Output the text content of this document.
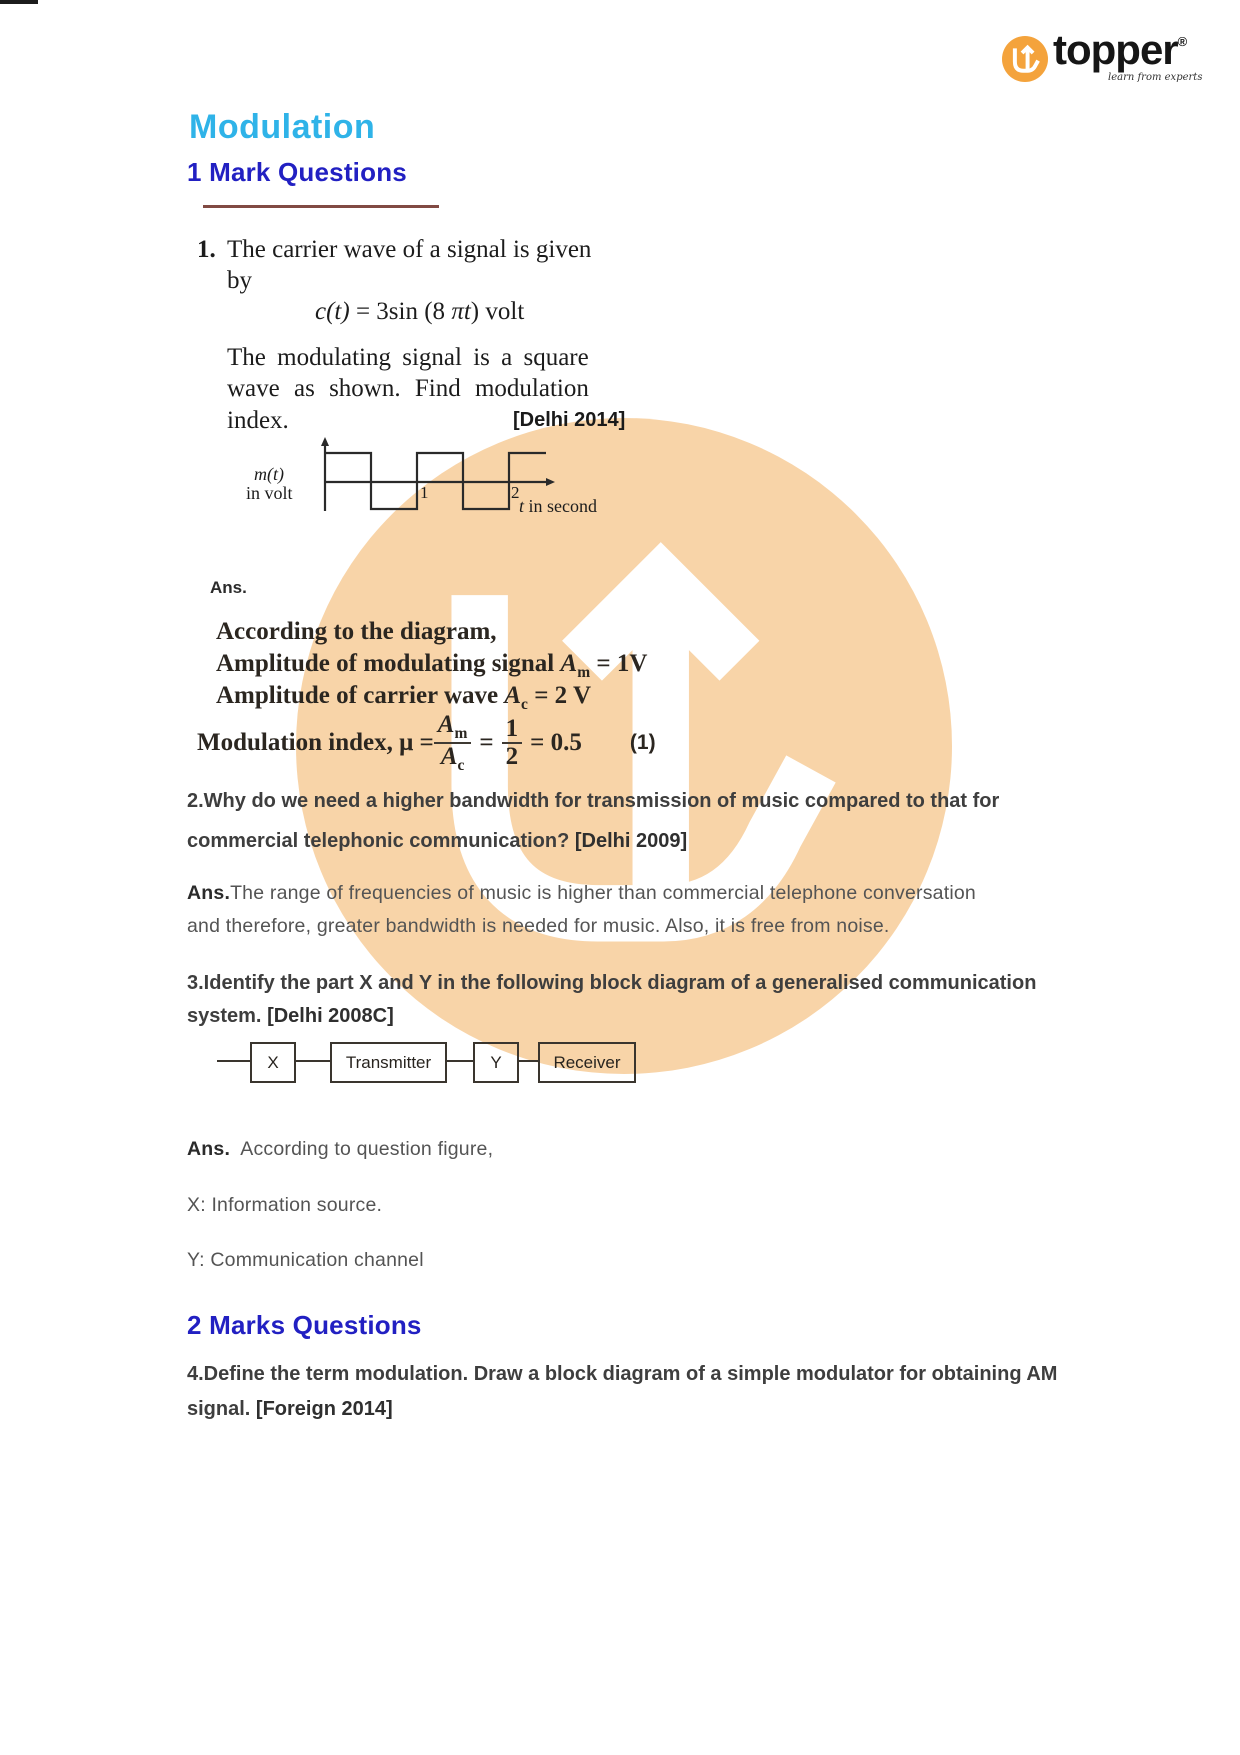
topper®
learn from experts
Modulation
1 Mark Questions
1. The carrier wave of a signal is given
by
c(t) = 3sin (8 πt) volt
The modulating signal is a square
wave as shown. Find modulation
index.	[Delhi 2014]
m(t)
in volt	1	2
t in second
Ans.
According to the diagram,
Amplitude of modulating signal $A_m = 1V$
Amplitude of carrier wave $A_c = 2$ V
Modulation index, $\mu = \frac{A_m}{A_c} = \frac{1}{2} = 0.5$ (1)
2.Why do we need a higher bandwidth for transmission of music compared to that for
commercial telephonic communication? [Delhi 2009]
Ans.The range of frequencies of music is higher than commercial telephone conversation
and therefore, greater bandwidth is needed for music. Also, it is free from noise.
3.Identify the part X and Y in the following block diagram of a generalised communication
system. [Delhi 2008C]
X	Transmitter	Y	Receiver
Ans. According to question figure,
X: Information source.
Y: Communication channel
2 Marks Questions
4.Define the term modulation. Draw a block diagram of a simple modulator for obtaining AM
signal. [Foreign 2014]
